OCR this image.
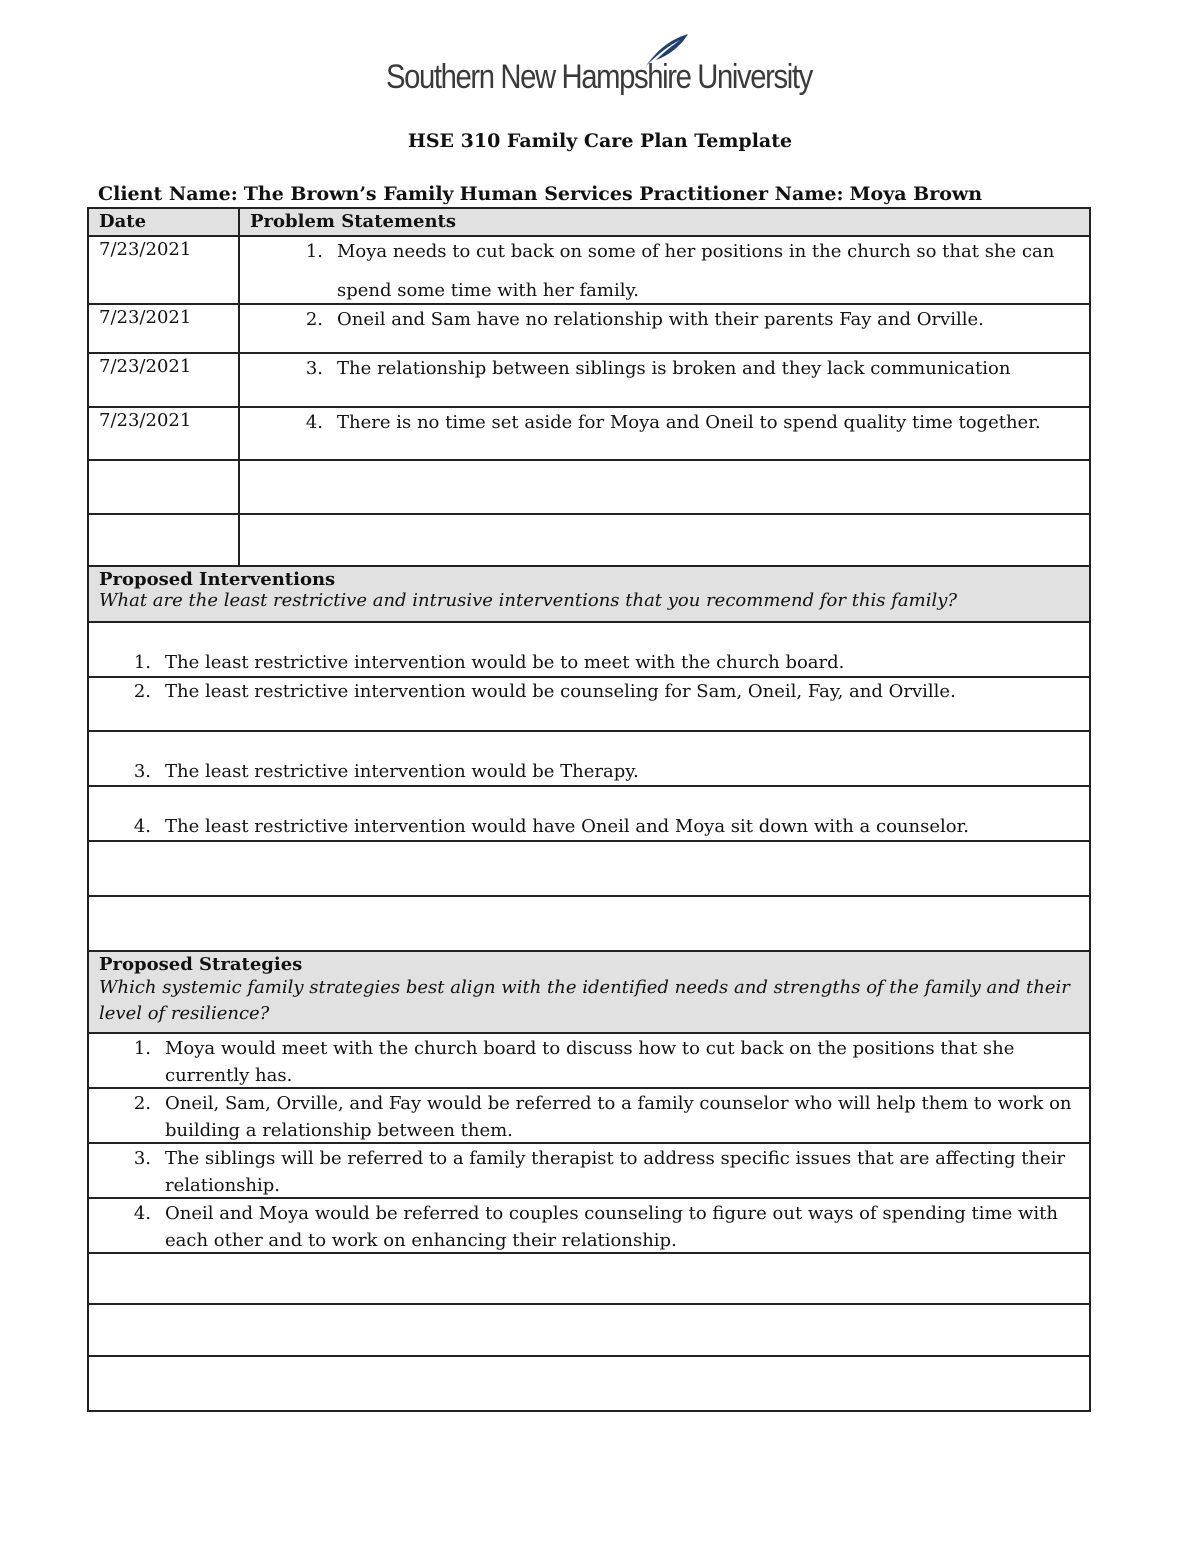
Southern New Hampshire University
HSE 310 Family Care Plan Template
Client Name: The Brown’s Family Human Services Practitioner Name: Moya Brown
Date	Problem Statements
7/23/2021	1. Moya needs to cut back on some of her positions in the church so that she can spend some time with her family.
7/23/2021	2. Oneil and Sam have no relationship with their parents Fay and Orville.
7/23/2021	3. The relationship between siblings is broken and they lack communication
7/23/2021	4. There is no time set aside for Moya and Oneil to spend quality time together.
Proposed Interventions
What are the least restrictive and intrusive interventions that you recommend for this family?
1. The least restrictive intervention would be to meet with the church board.
2. The least restrictive intervention would be counseling for Sam, Oneil, Fay, and Orville.
3. The least restrictive intervention would be Therapy.
4. The least restrictive intervention would have Oneil and Moya sit down with a counselor.
Proposed Strategies
Which systemic family strategies best align with the identified needs and strengths of the family and their level of resilience?
1. Moya would meet with the church board to discuss how to cut back on the positions that she currently has.
2. Oneil, Sam, Orville, and Fay would be referred to a family counselor who will help them to work on building a relationship between them.
3. The siblings will be referred to a family therapist to address specific issues that are affecting their relationship.
4. Oneil and Moya would be referred to couples counseling to figure out ways of spending time with each other and to work on enhancing their relationship.
